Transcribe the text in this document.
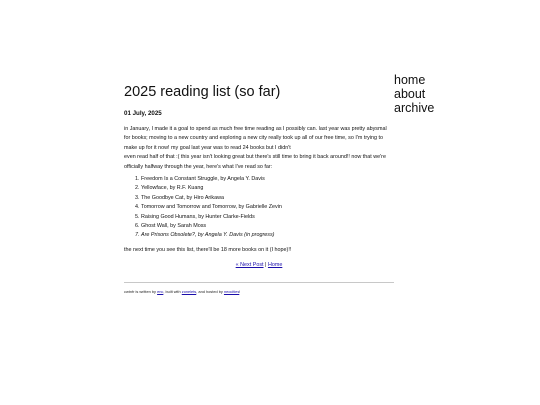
home
about
archive
2025 reading list (so far)
01 July, 2025

in January, I made it a goal to spend as much free time reading as I possibly can. last year was pretty abysmal for books; moving to a new country and exploring a new city really took up all of our free time, so I'm trying to make up for it now! my goal last year was to read 24 books but I didn't

even read half of that :( this year isn't looking great but there's still time to bring it back around!! now that we're officially halfway through the year, here's what I've read so far:

1. Freedom Is a Constant Struggle, by Angela Y. Davis
2. Yellowface, by R.F. Kuang
3. The Goodbye Cat, by Hiro Arikawa
4. Tomorrow and Tomorrow and Tomorrow, by Gabrielle Zevin
5. Raising Good Humans, by Hunter Clarke-Fields
6. Ghost Wall, by Sarah Moss
7. Are Prisons Obsolete?, by Angela Y. Davis (in progress)

the next time you see this list, there'll be 18 more books on it (I hope)!!

« Next Post | Home
cwtnfr is written by enc, built with zonelets, and hosted by neocities!
